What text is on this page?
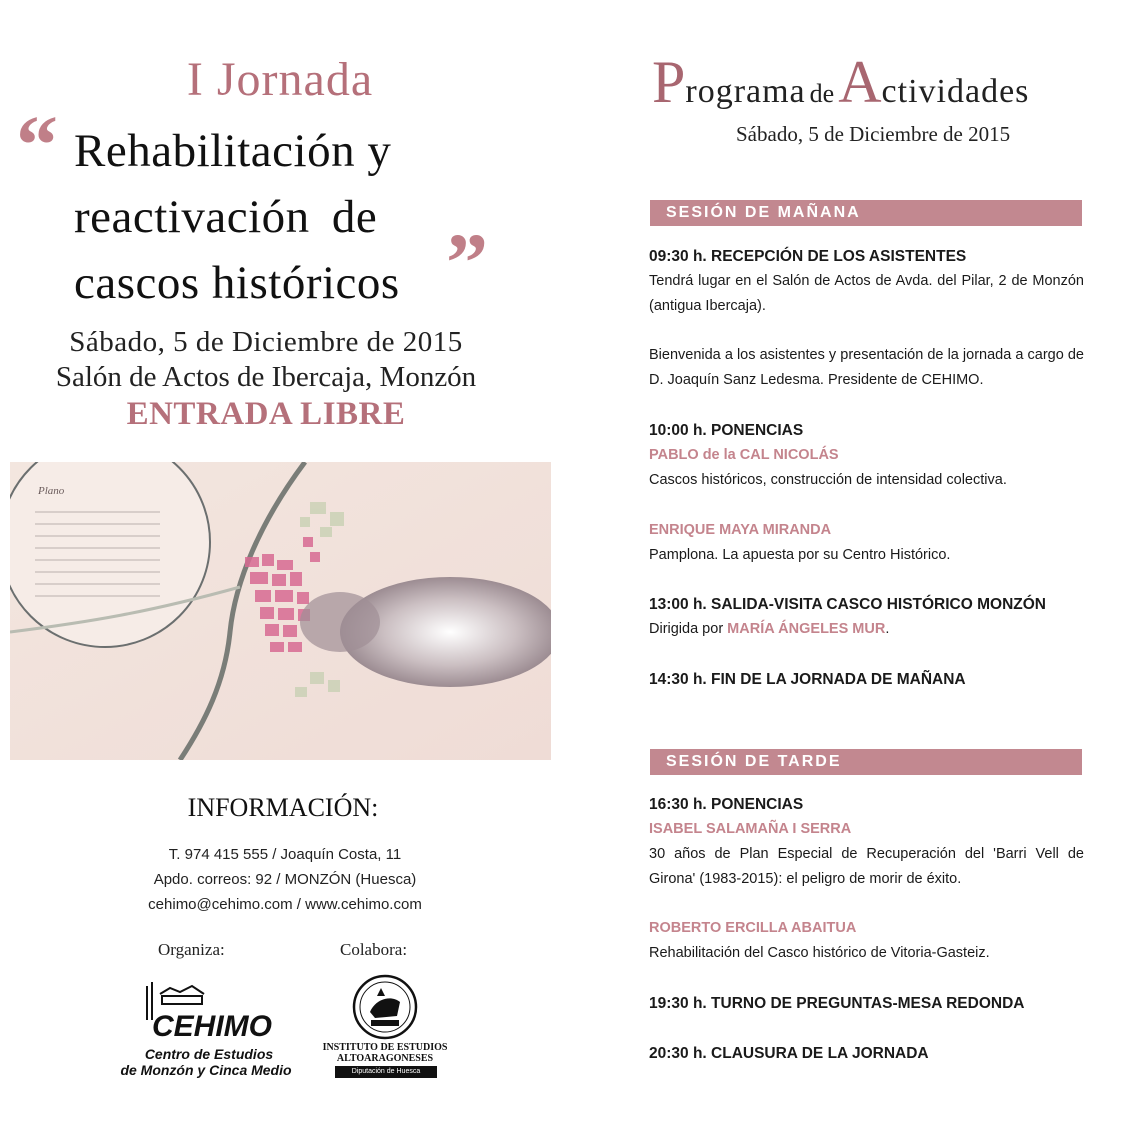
I Jornada
“ Rehabilitación y
reactivación de
cascos históricos ”
Sábado, 5 de Diciembre de 2015
Salón de Actos de Ibercaja, Monzón
ENTRADA LIBRE
Plano
INFORMACIÓN:
T. 974 415 555 / Joaquín Costa, 11
Apdo. correos: 92 / MONZÓN (Huesca)
cehimo@cehimo.com / www.cehimo.com
Organiza:	Colabora:
CEHIMO
Centro de Estudios
de Monzón y Cinca Medio
INSTITUTO DE ESTUDIOS
ALTOARAGONESES
Diputación de Huesca
Programa de Actividades
Sábado, 5 de Diciembre de 2015
SESIÓN DE MAÑANA
09:30 h. RECEPCIÓN DE LOS ASISTENTES
Tendrá lugar en el Salón de Actos de Avda. del Pilar, 2 de Monzón (antigua Ibercaja).
Bienvenida a los asistentes y presentación de la jornada a cargo de D. Joaquín Sanz Ledesma. Presidente de CEHIMO.
10:00 h. PONENCIAS
PABLO de la CAL NICOLÁS
Cascos históricos, construcción de intensidad colectiva.
ENRIQUE MAYA MIRANDA
Pamplona. La apuesta por su Centro Histórico.
13:00 h. SALIDA-VISITA CASCO HISTÓRICO MONZÓN
Dirigida por MARÍA ÁNGELES MUR.
14:30 h. FIN DE LA JORNADA DE MAÑANA
SESIÓN DE TARDE
16:30 h. PONENCIAS
ISABEL SALAMAÑA I SERRA
30 años de Plan Especial de Recuperación del 'Barri Vell de Girona' (1983-2015): el peligro de morir de éxito.
ROBERTO ERCILLA ABAITUA
Rehabilitación del Casco histórico de Vitoria-Gasteiz.
19:30 h. TURNO DE PREGUNTAS-MESA REDONDA
20:30 h. CLAUSURA DE LA JORNADA
